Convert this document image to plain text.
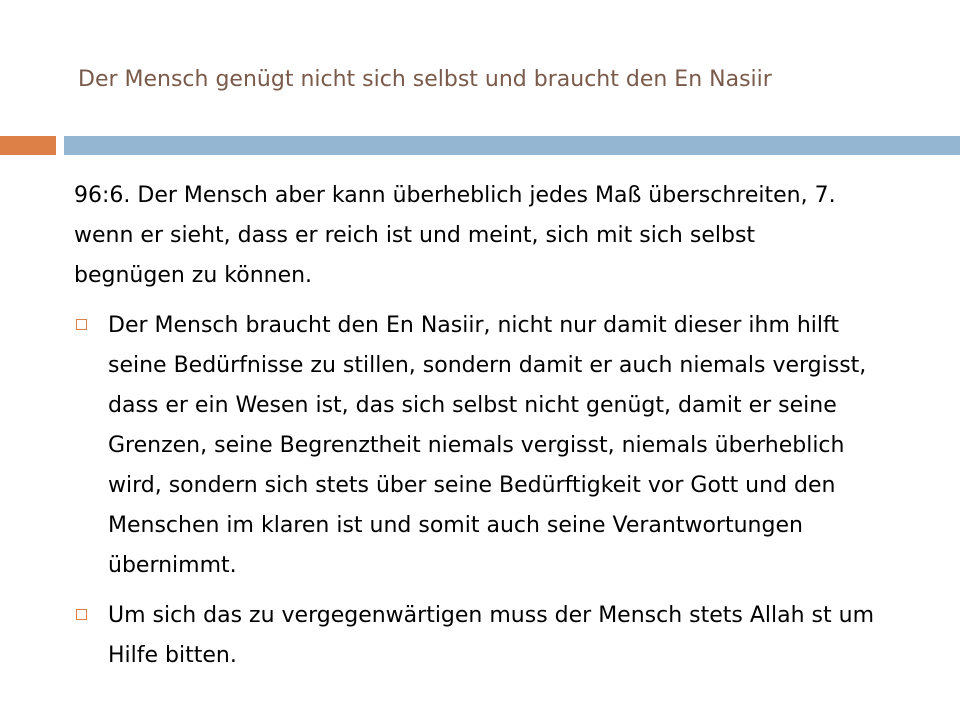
Der Mensch genügt nicht sich selbst und braucht den En Nasiir
96:6. Der Mensch aber kann überheblich jedes Maß überschreiten, 7. wenn er sieht, dass er reich ist und meint, sich mit sich selbst begnügen zu können.
Der Mensch braucht den En Nasiir, nicht nur damit dieser ihm hilft seine Bedürfnisse zu stillen, sondern damit er auch niemals vergisst, dass er ein Wesen ist, das sich selbst nicht genügt, damit er seine Grenzen, seine Begrenztheit niemals vergisst, niemals überheblich wird, sondern sich stets über seine Bedürftigkeit vor Gott und den Menschen im klaren ist und somit auch seine Verantwortungen übernimmt.
Um sich das zu vergegenwärtigen muss der Mensch stets Allah st um Hilfe bitten.
